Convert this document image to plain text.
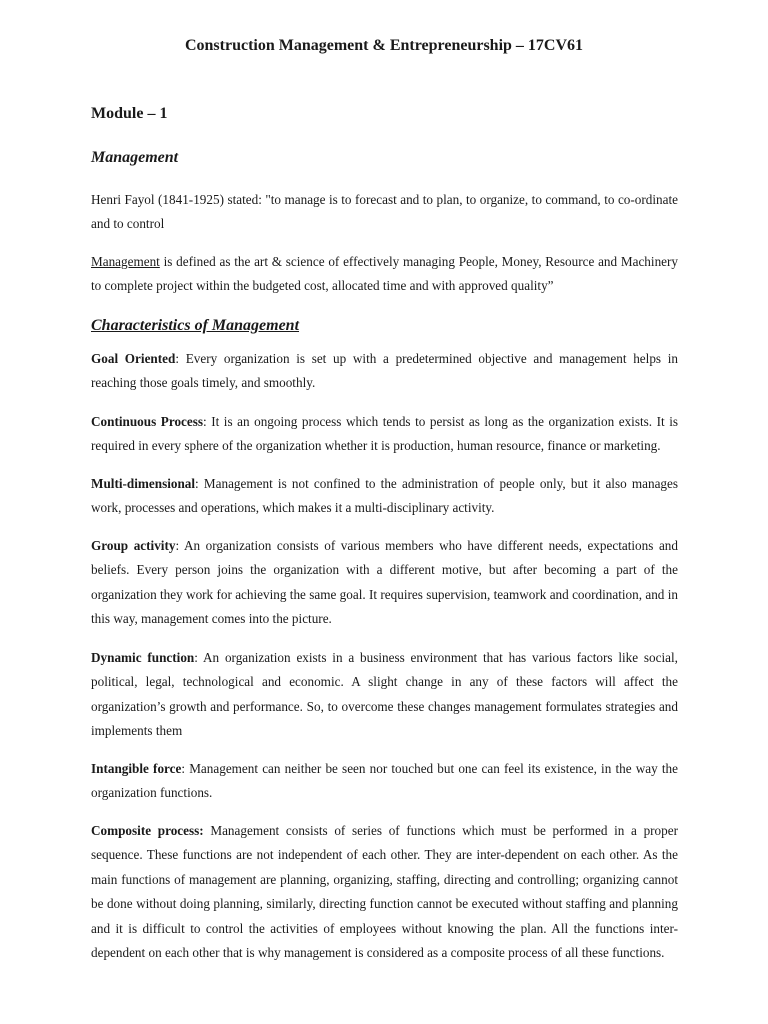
Construction Management & Entrepreneurship – 17CV61
Module – 1
Management
Henri Fayol (1841-1925) stated: "to manage is to forecast and to plan, to organize, to command, to co-ordinate and to control
Management is defined as the art & science of effectively managing People, Money, Resource and Machinery to complete project within the budgeted cost, allocated time and with approved quality”
Characteristics of Management
Goal Oriented: Every organization is set up with a predetermined objective and management helps in reaching those goals timely, and smoothly.
Continuous Process: It is an ongoing process which tends to persist as long as the organization exists. It is required in every sphere of the organization whether it is production, human resource, finance or marketing.
Multi-dimensional: Management is not confined to the administration of people only, but it also manages work, processes and operations, which makes it a multi-disciplinary activity.
Group activity: An organization consists of various members who have different needs, expectations and beliefs. Every person joins the organization with a different motive, but after becoming a part of the organization they work for achieving the same goal. It requires supervision, teamwork and coordination, and in this way, management comes into the picture.
Dynamic function: An organization exists in a business environment that has various factors like social, political, legal, technological and economic. A slight change in any of these factors will affect the organization’s growth and performance. So, to overcome these changes management formulates strategies and implements them
Intangible force: Management can neither be seen nor touched but one can feel its existence, in the way the organization functions.
Composite process: Management consists of series of functions which must be performed in a proper sequence. These functions are not independent of each other. They are inter-dependent on each other. As the main functions of management are planning, organizing, staffing, directing and controlling; organizing cannot be done without doing planning, similarly, directing function cannot be executed without staffing and planning and it is difficult to control the activities of employees without knowing the plan. All the functions inter-dependent on each other that is why management is considered as a composite process of all these functions.
